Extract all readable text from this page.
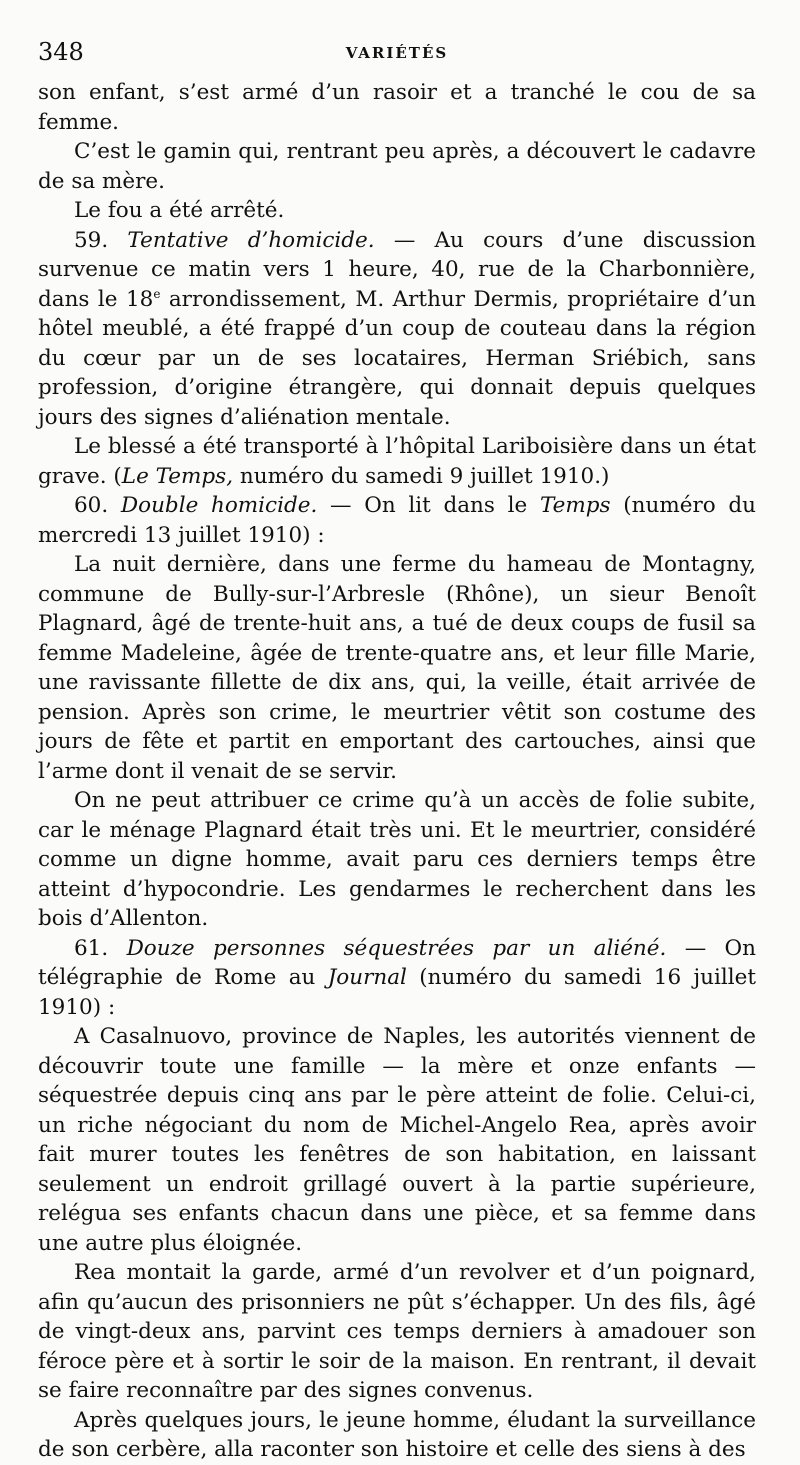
348	VARIÉTÉS

son enfant, s’est armé d’un rasoir et a tranché le cou de sa femme.

C’est le gamin qui, rentrant peu après, a découvert le cadavre de sa mère.

Le fou a été arrêté.

59. Tentative d’homicide. — Au cours d’une discussion survenue ce matin vers 1 heure, 40, rue de la Charbonnière, dans le 18e arrondissement, M. Arthur Dermis, propriétaire d’un hôtel meublé, a été frappé d’un coup de couteau dans la région du cœur par un de ses locataires, Herman Sriébich, sans profession, d’origine étrangère, qui donnait depuis quelques jours des signes d’aliénation mentale.

Le blessé a été transporté à l’hôpital Lariboisière dans un état grave. (Le Temps, numéro du samedi 9 juillet 1910.)

60. Double homicide. — On lit dans le Temps (numéro du mercredi 13 juillet 1910) :

La nuit dernière, dans une ferme du hameau de Montagny, commune de Bully-sur-l’Arbresle (Rhône), un sieur Benoît Plagnard, âgé de trente-huit ans, a tué de deux coups de fusil sa femme Madeleine, âgée de trente-quatre ans, et leur fille Marie, une ravissante fillette de dix ans, qui, la veille, était arrivée de pension. Après son crime, le meurtrier vêtit son costume des jours de fête et partit en emportant des cartouches, ainsi que l’arme dont il venait de se servir.

On ne peut attribuer ce crime qu’à un accès de folie subite, car le ménage Plagnard était très uni. Et le meurtrier, considéré comme un digne homme, avait paru ces derniers temps être atteint d’hypocondrie. Les gendarmes le recherchent dans les bois d’Allenton.

61. Douze personnes séquestrées par un aliéné. — On télégraphie de Rome au Journal (numéro du samedi 16 juillet 1910) :

A Casalnuovo, province de Naples, les autorités viennent de découvrir toute une famille — la mère et onze enfants — séquestrée depuis cinq ans par le père atteint de folie. Celui-ci, un riche négociant du nom de Michel-Angelo Rea, après avoir fait murer toutes les fenêtres de son habitation, en laissant seulement un endroit grillagé ouvert à la partie supérieure, relégua ses enfants chacun dans une pièce, et sa femme dans une autre plus éloignée.

Rea montait la garde, armé d’un revolver et d’un poignard, afin qu’aucun des prisonniers ne pût s’échapper. Un des fils, âgé de vingt-deux ans, parvint ces temps derniers à amadouer son féroce père et à sortir le soir de la maison. En rentrant, il devait se faire reconnaître par des signes convenus.

Après quelques jours, le jeune homme, éludant la surveillance de son cerbère, alla raconter son histoire et celle des siens à des
